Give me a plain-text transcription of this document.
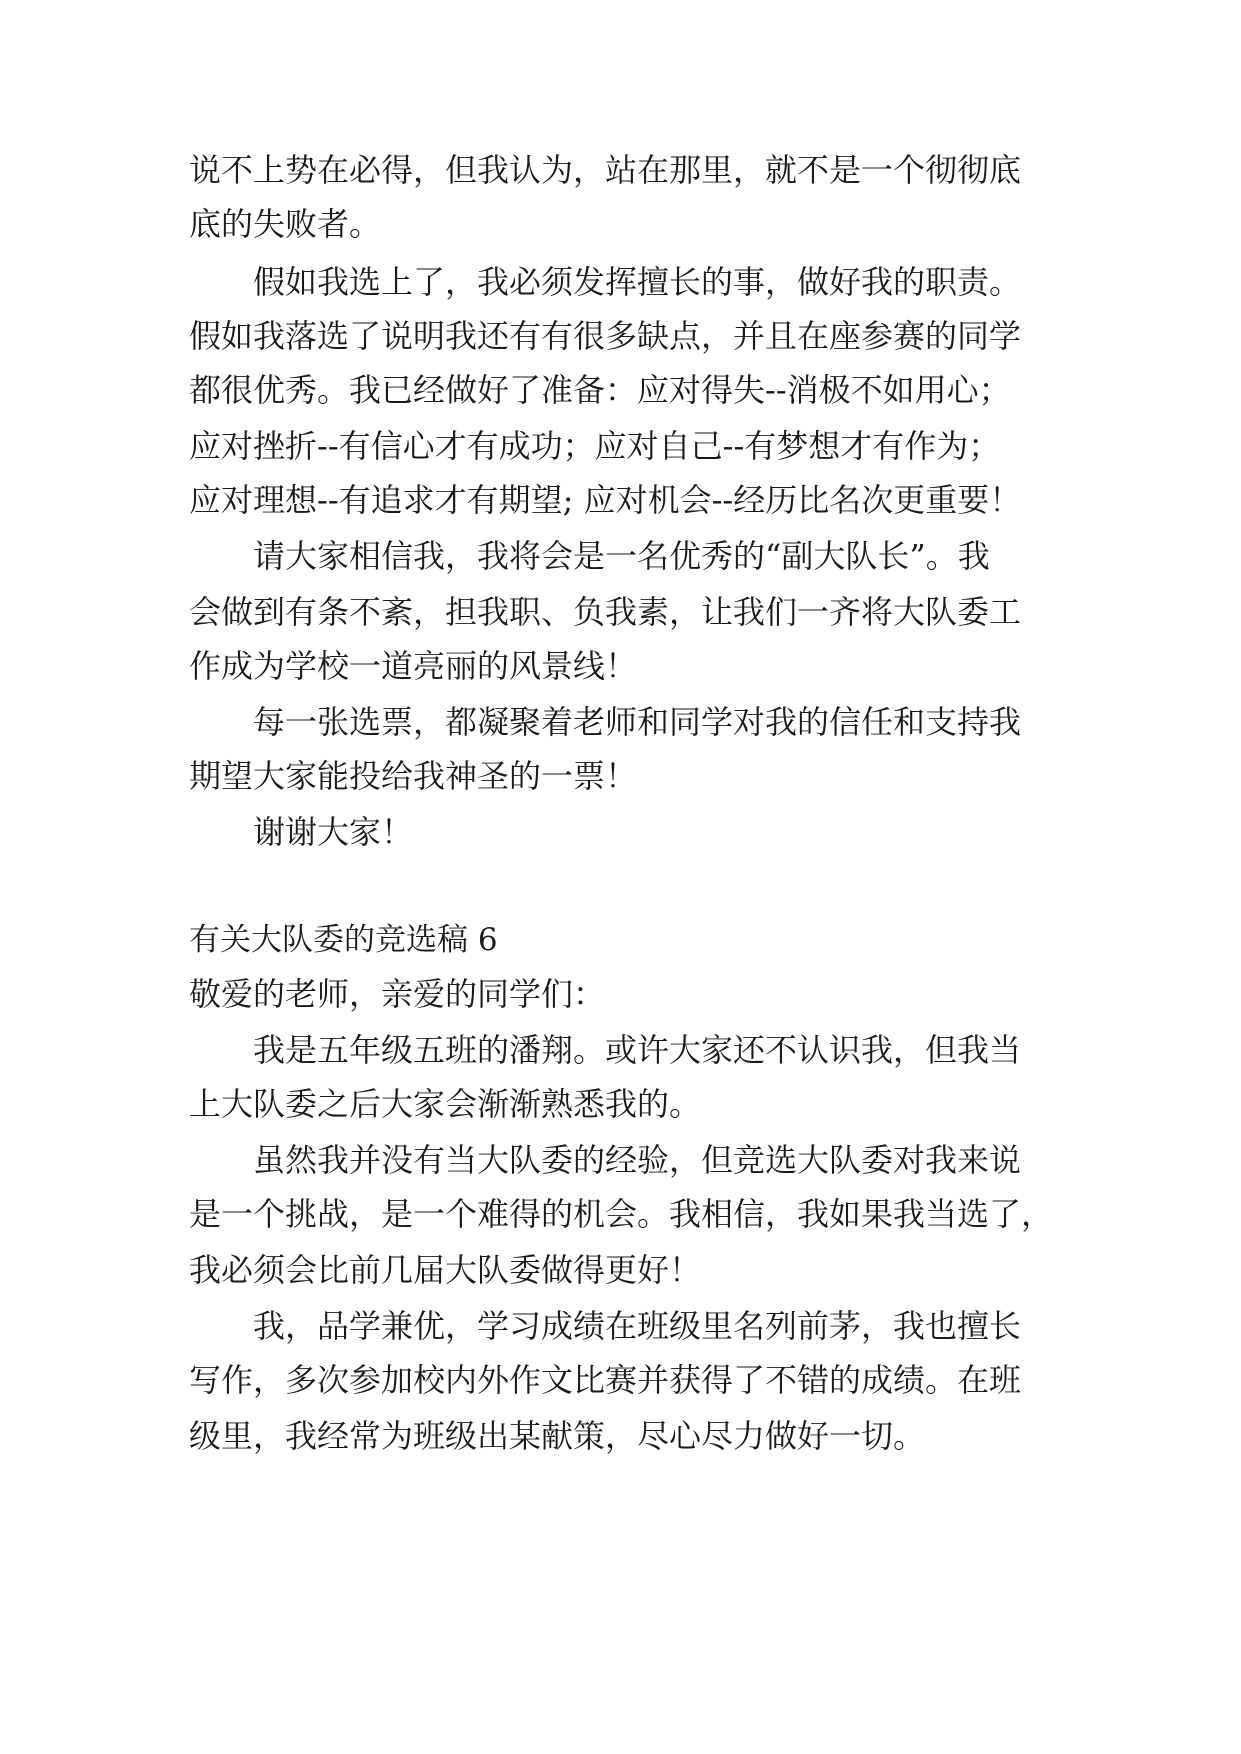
说不上势在必得，但我认为，站在那里，就不是一个彻彻底
底的失败者。
假如我选上了，我必须发挥擅长的事，做好我的职责。
假如我落选了说明我还有有很多缺点，并且在座参赛的同学
都很优秀。我已经做好了准备：应对得失--消极不如用心；
应对挫折--有信心才有成功；应对自己--有梦想才有作为；
应对理想--有追求才有期望; 应对机会--经历比名次更重要！
请大家相信我，我将会是一名优秀的“副大队长”。我
会做到有条不紊，担我职、负我素，让我们一齐将大队委工
作成为学校一道亮丽的风景线！
每一张选票，都凝聚着老师和同学对我的信任和支持我
期望大家能投给我神圣的一票！
谢谢大家！
有关大队委的竞选稿 6
敬爱的老师，亲爱的同学们：
我是五年级五班的潘翔。或许大家还不认识我，但我当
上大队委之后大家会渐渐熟悉我的。
虽然我并没有当大队委的经验，但竞选大队委对我来说
是一个挑战，是一个难得的机会。我相信，我如果我当选了，
我必须会比前几届大队委做得更好！
我，品学兼优，学习成绩在班级里名列前茅，我也擅长
写作，多次参加校内外作文比赛并获得了不错的成绩。在班
级里，我经常为班级出某献策，尽心尽力做好一切。
